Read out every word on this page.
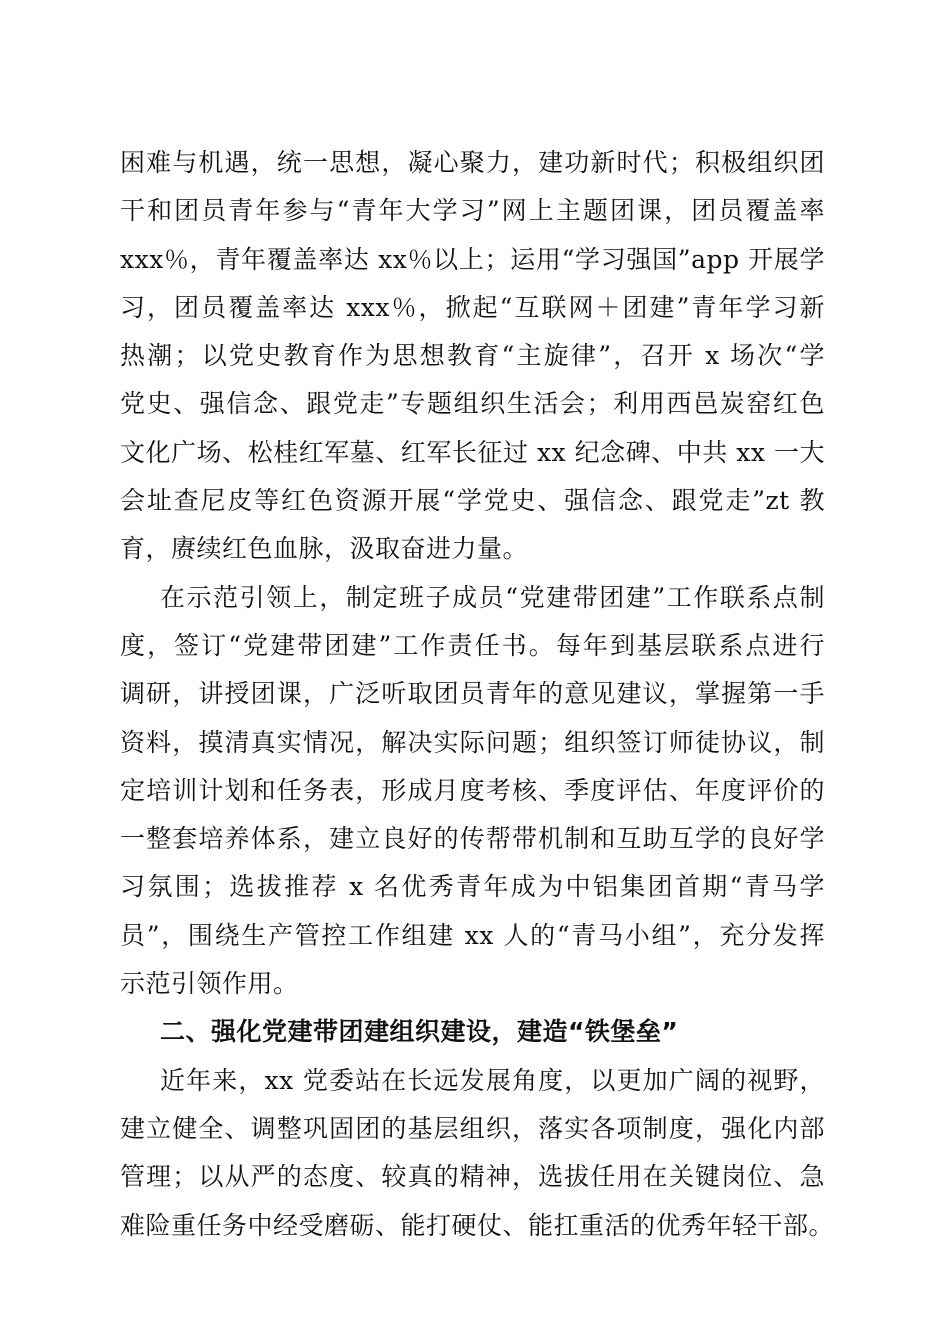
困难与机遇，统一思想，凝心聚力，建功新时代；积极组织团
干和团员青年参与“青年大学习”网上主题团课，团员覆盖率
xxx％，青年覆盖率达 xx％以上；运用“学习强国”app 开展学
习，团员覆盖率达 xxx％，掀起“互联网＋团建”青年学习新
热潮；以党史教育作为思想教育“主旋律”，召开 x 场次“学
党史、强信念、跟党走”专题组织生活会；利用西邑炭窑红色
文化广场、松桂红军墓、红军长征过 xx 纪念碑、中共 xx 一大
会址查尼皮等红色资源开展“学党史、强信念、跟党走”zt 教
育，赓续红色血脉，汲取奋进力量。
在示范引领上，制定班子成员“党建带团建”工作联系点制
度，签订“党建带团建”工作责任书。每年到基层联系点进行
调研，讲授团课，广泛听取团员青年的意见建议，掌握第一手
资料，摸清真实情况，解决实际问题；组织签订师徒协议，制
定培训计划和任务表，形成月度考核、季度评估、年度评价的
一整套培养体系，建立良好的传帮带机制和互助互学的良好学
习氛围；选拔推荐 x 名优秀青年成为中铝集团首期“青马学
员”，围绕生产管控工作组建 xx 人的“青马小组”，充分发挥
示范引领作用。
二、强化党建带团建组织建设，建造“铁堡垒”
近年来，xx 党委站在长远发展角度，以更加广阔的视野，
建立健全、调整巩固团的基层组织，落实各项制度，强化内部
管理；以从严的态度、较真的精神，选拔任用在关键岗位、急
难险重任务中经受磨砺、能打硬仗、能扛重活的优秀年轻干部。
